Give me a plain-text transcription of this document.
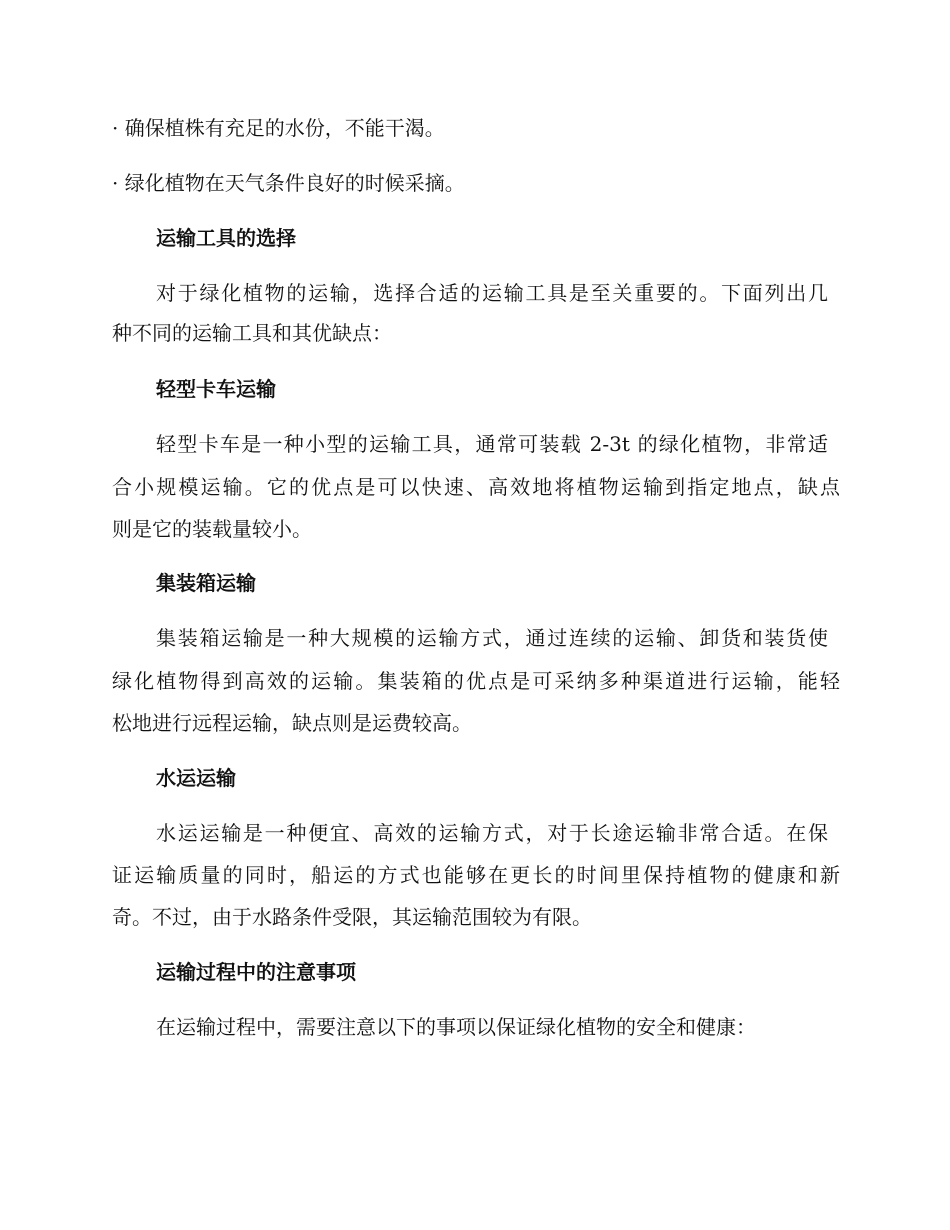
· 确保植株有充足的水份，不能干渴。
· 绿化植物在天气条件良好的时候采摘。
运输工具的选择
对于绿化植物的运输，选择合适的运输工具是至关重要的。下面列出几
种不同的运输工具和其优缺点：
轻型卡车运输
轻型卡车是一种小型的运输工具，通常可装载 2-3t 的绿化植物，非常适
合小规模运输。它的优点是可以快速、高效地将植物运输到指定地点，缺点
则是它的装载量较小。
集装箱运输
集装箱运输是一种大规模的运输方式，通过连续的运输、卸货和装货使
绿化植物得到高效的运输。集装箱的优点是可采纳多种渠道进行运输，能轻
松地进行远程运输，缺点则是运费较高。
水运运输
水运运输是一种便宜、高效的运输方式，对于长途运输非常合适。在保
证运输质量的同时，船运的方式也能够在更长的时间里保持植物的健康和新
奇。不过，由于水路条件受限，其运输范围较为有限。
运输过程中的注意事项
在运输过程中，需要注意以下的事项以保证绿化植物的安全和健康：
